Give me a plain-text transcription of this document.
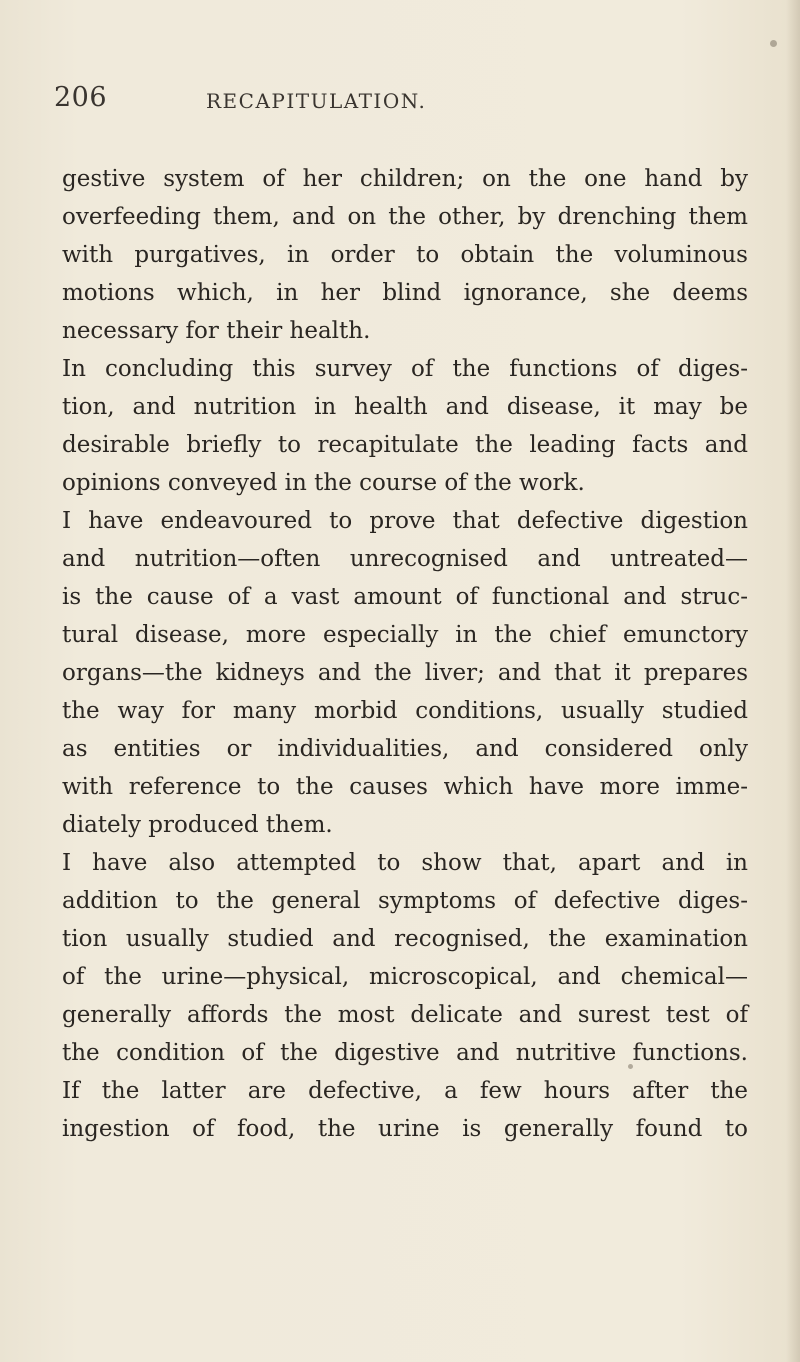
206	RECAPITULATION.
gestive system of her children; on the one hand by
overfeeding them, and on the other, by drenching them
with purgatives, in order to obtain the voluminous
motions which, in her blind ignorance, she deems
necessary for their health.
In concluding this survey of the functions of diges-
tion, and nutrition in health and disease, it may be
desirable briefly to recapitulate the leading facts and
opinions conveyed in the course of the work.
I have endeavoured to prove that defective digestion
and nutrition—often unrecognised and untreated—
is the cause of a vast amount of functional and struc-
tural disease, more especially in the chief emunctory
organs—the kidneys and the liver; and that it prepares
the way for many morbid conditions, usually studied
as entities or individualities, and considered only
with reference to the causes which have more imme-
diately produced them.
I have also attempted to show that, apart and in
addition to the general symptoms of defective diges-
tion usually studied and recognised, the examination
of the urine—physical, microscopical, and chemical—
generally affords the most delicate and surest test of
the condition of the digestive and nutritive functions.
If the latter are defective, a few hours after the
ingestion of food, the urine is generally found to
